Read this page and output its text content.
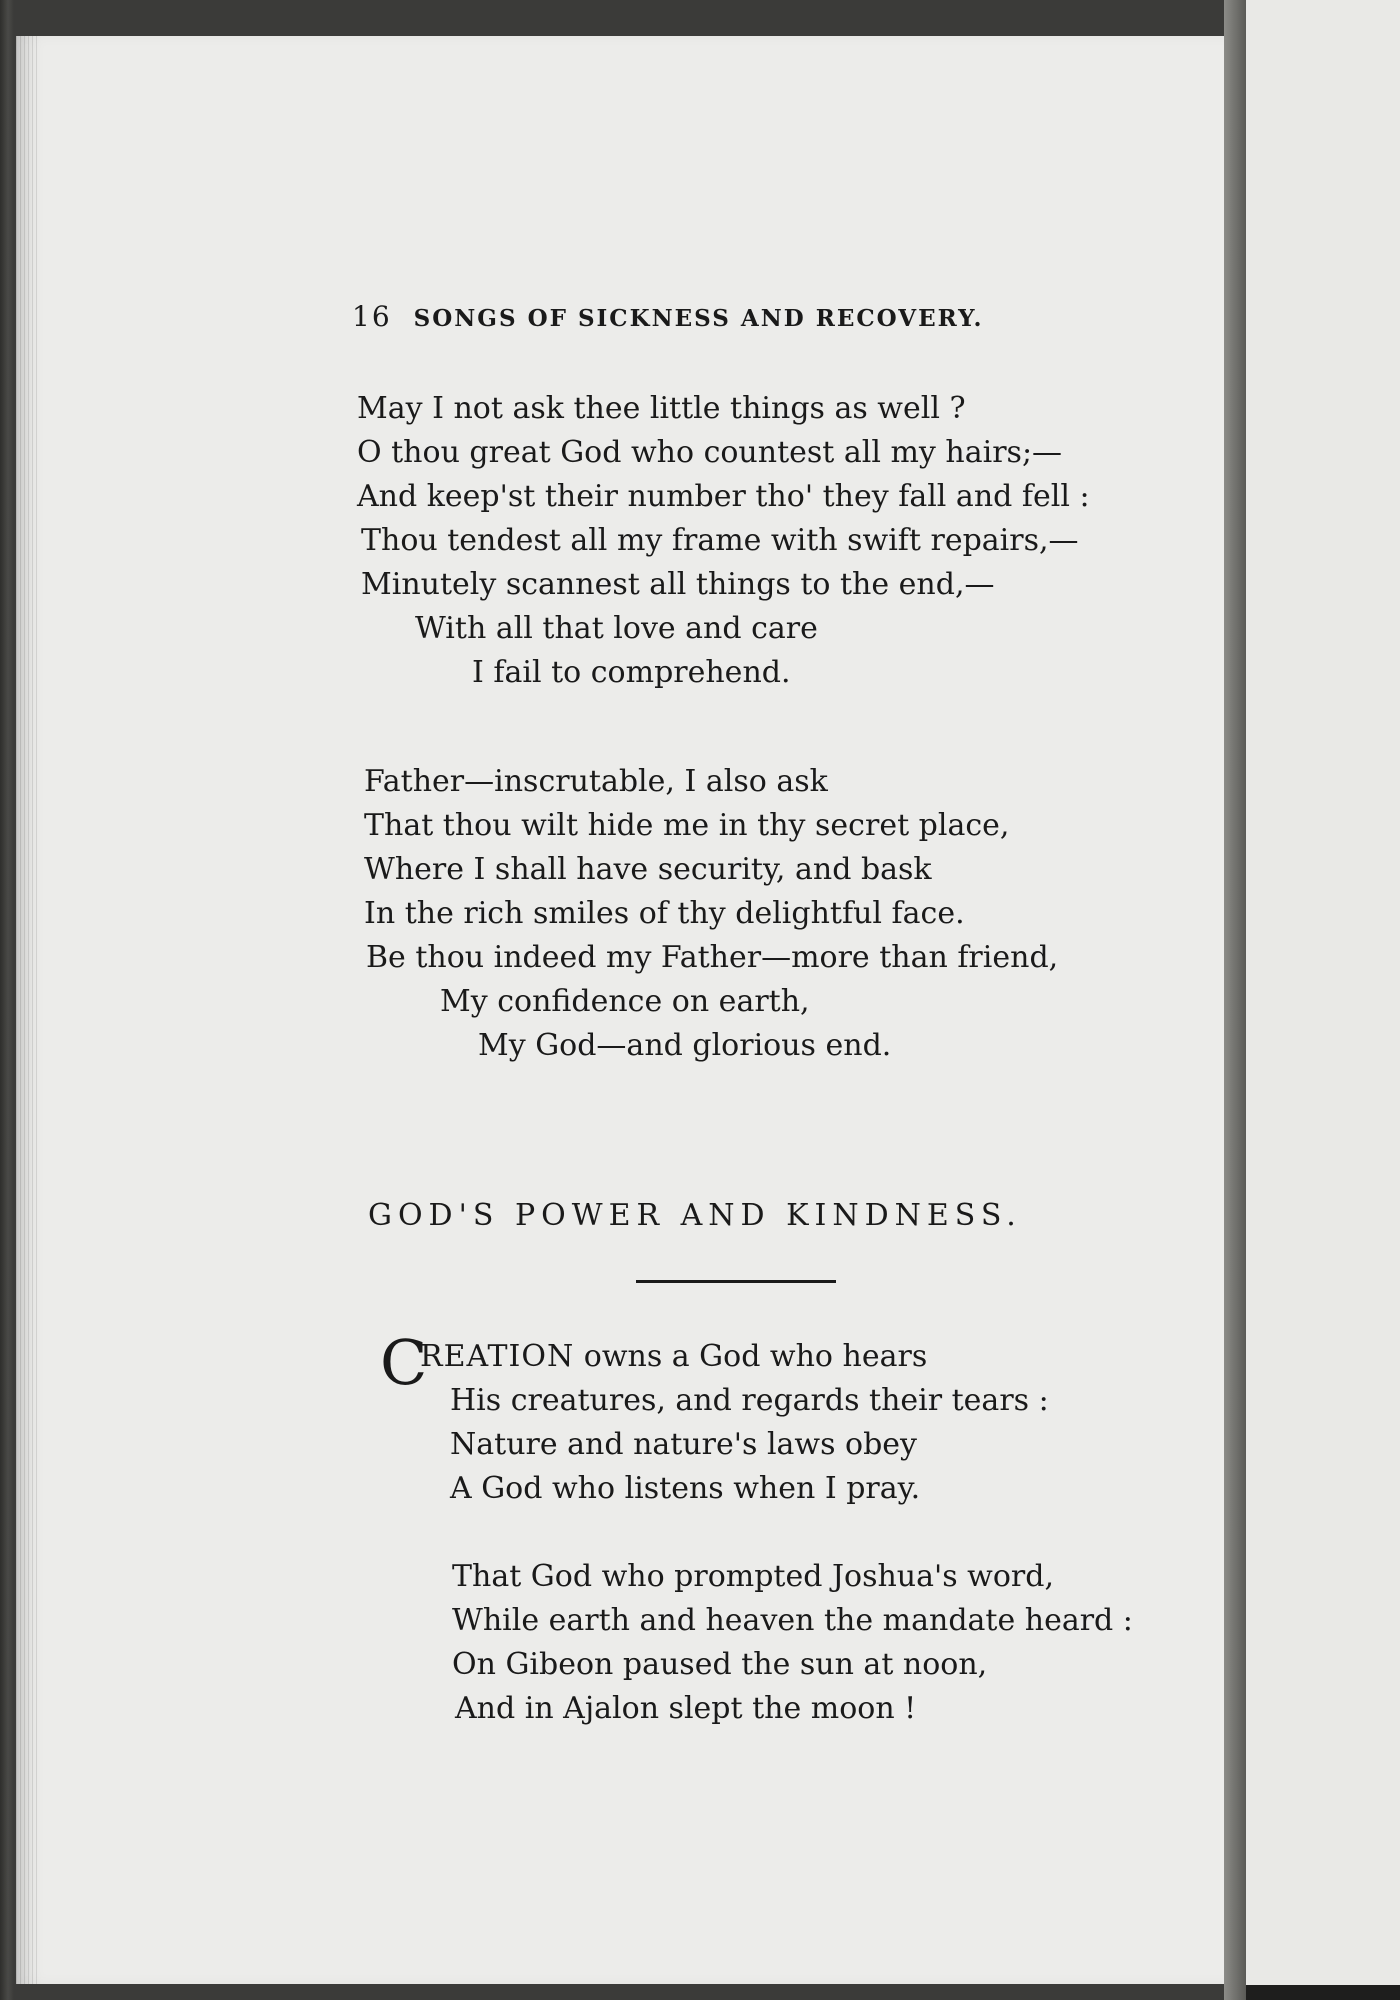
16 SONGS OF SICKNESS AND RECOVERY.

May I not ask thee little things as well ?

O thou great God who countest all my hairs;—

And keep'st their number tho' they fall and fell :

Thou tendest all my frame with swift repairs,—

Minutely scannest all things to the end,—

With all that love and care

I fail to comprehend.

Father—inscrutable, I also ask

That thou wilt hide me in thy secret place,

Where I shall have security, and bask

In the rich smiles of thy delightful face.

Be thou indeed my Father—more than friend,

My confidence on earth,

My God—and glorious end.

GOD'S POWER AND KINDNESS.

C

REATION owns a God who hears

His creatures, and regards their tears :

Nature and nature's laws obey

A God who listens when I pray.

That God who prompted Joshua's word,

While earth and heaven the mandate heard :

On Gibeon paused the sun at noon,

And in Ajalon slept the moon !
